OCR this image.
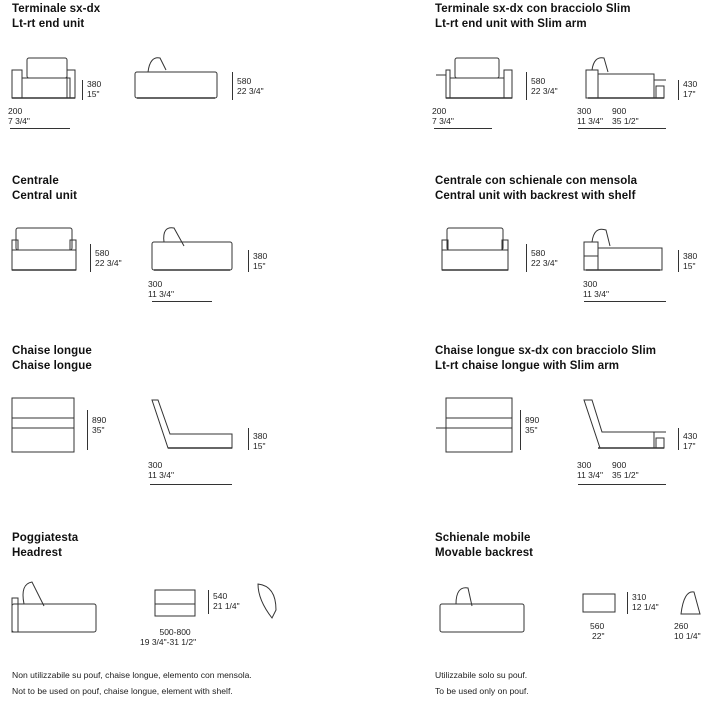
Terminale sx-dx
Lt-rt end unit
380
15"
580
22 3/4"
200
7 3/4"
Terminale sx-dx con bracciolo Slim
Lt-rt end unit with Slim arm
580
22 3/4"
430
17"
200
7 3/4"
300
11 3/4"
900
35 1/2"
Centrale
Central unit
580
22 3/4"
380
15"
300
11 3/4"
Centrale con schienale con mensola
Central unit with backrest with shelf
580
22 3/4"
380
15"
300
11 3/4"
Chaise longue
Chaise longue
890
35"
380
15"
300
11 3/4"
Chaise longue sx-dx con bracciolo Slim
Lt-rt chaise longue with Slim arm
890
35"
430
17"
300
11 3/4"
900
35 1/2"
Poggiatesta
Headrest
540
21 1/4"
500-800
19 3/4"-31 1/2"
Non utilizzabile su pouf, chaise longue, elemento con mensola.
Not to be used on pouf, chaise longue, element with shelf.
Schienale mobile
Movable backrest
310
12 1/4"
560
22"
260
10 1/4"
Utilizzabile solo su pouf.
To be used only on pouf.
